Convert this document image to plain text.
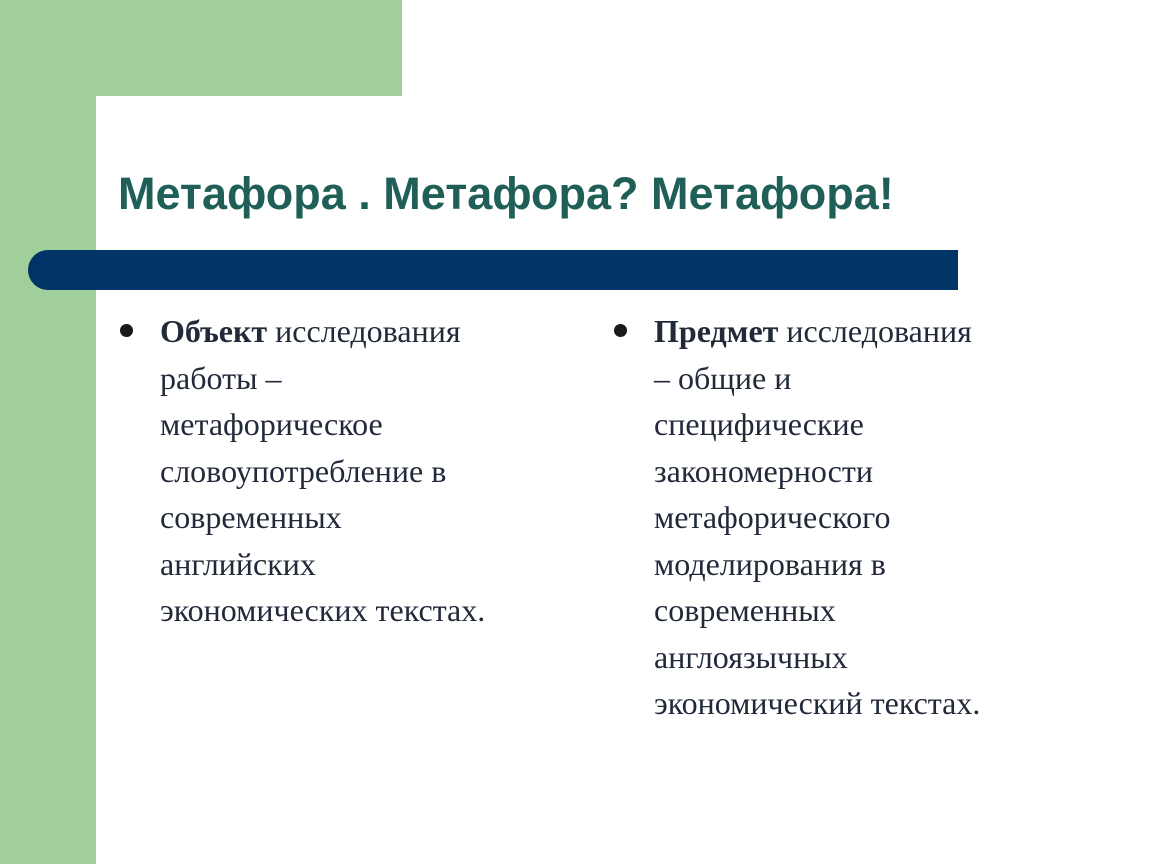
Метафора . Метафора? Метафора!
Объект исследования
работы –
метафорическое
словоупотребление в
современных
английских
экономических текстах.
Предмет исследования
– общие и
специфические
закономерности
метафорического
моделирования в
современных
англоязычных
экономический текстах.
